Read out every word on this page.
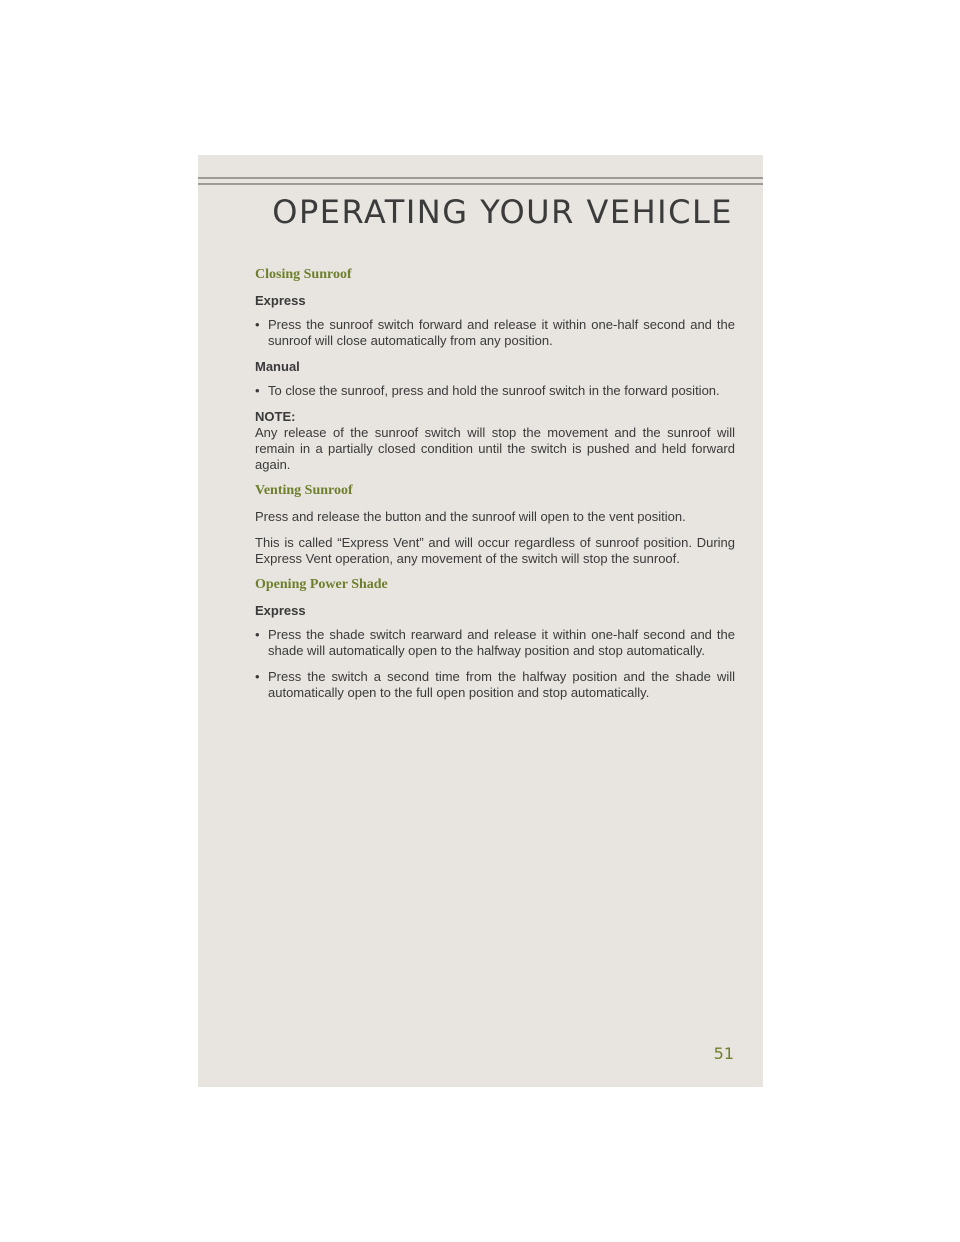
OPERATING YOUR VEHICLE
Closing Sunroof
Express
• Press the sunroof switch forward and release it within one-half second and the sunroof will close automatically from any position.
Manual
• To close the sunroof, press and hold the sunroof switch in the forward position.
NOTE:
Any release of the sunroof switch will stop the movement and the sunroof will remain in a partially closed condition until the switch is pushed and held forward again.
Venting Sunroof
Press and release the button and the sunroof will open to the vent position.
This is called “Express Vent” and will occur regardless of sunroof position. During Express Vent operation, any movement of the switch will stop the sunroof.
Opening Power Shade
Express
• Press the shade switch rearward and release it within one-half second and the shade will automatically open to the halfway position and stop automatically.
• Press the switch a second time from the halfway position and the shade will automatically open to the full open position and stop automatically.
51
